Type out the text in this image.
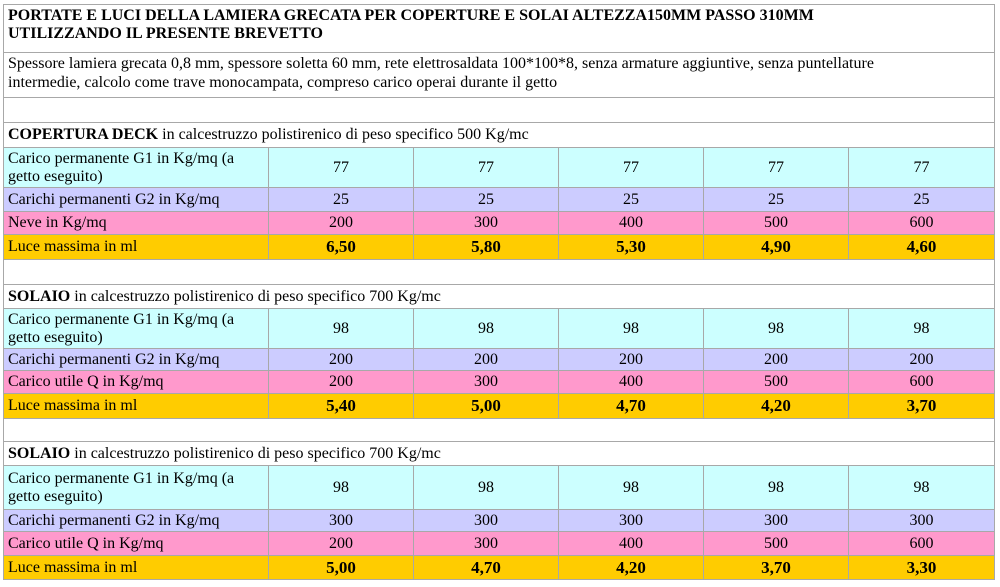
PORTATE E LUCI DELLA LAMIERA GRECATA PER COPERTURE E SOLAI ALTEZZA150MM PASSO 310MM
UTILIZZANDO IL PRESENTE BREVETTO					

Spessore lamiera grecata 0,8 mm, spessore soletta 60 mm, rete elettrosaldata 100*100*8, senza armature aggiuntive, senza puntellature
intermedie, calcolo come trave monocampata, compreso carico operai durante il getto					

COPERTURA DECK in calcestruzzo polistirenico di peso specifico 500 Kg/mc					
Carico permanente G1 in Kg/mq (a getto eseguito)	77	77	77	77	77
Carichi permanenti G2 in Kg/mq	25	25	25	25	25
Neve in Kg/mq	200	300	400	500	600
Luce massima in ml	6,50	5,80	5,30	4,90	4,60

SOLAIO in calcestruzzo polistirenico di peso specifico 700 Kg/mc					
Carico permanente G1 in Kg/mq (a getto eseguito)	98	98	98	98	98
Carichi permanenti G2 in Kg/mq	200	200	200	200	200
Carico utile Q in Kg/mq	200	300	400	500	600
Luce massima in ml	5,40	5,00	4,70	4,20	3,70

SOLAIO in calcestruzzo polistirenico di peso specifico 700 Kg/mc					
Carico permanente G1 in Kg/mq (a getto eseguito)	98	98	98	98	98
Carichi permanenti G2 in Kg/mq	300	300	300	300	300
Carico utile Q in Kg/mq	200	300	400	500	600
Luce massima in ml	5,00	4,70	4,20	3,70	3,30
